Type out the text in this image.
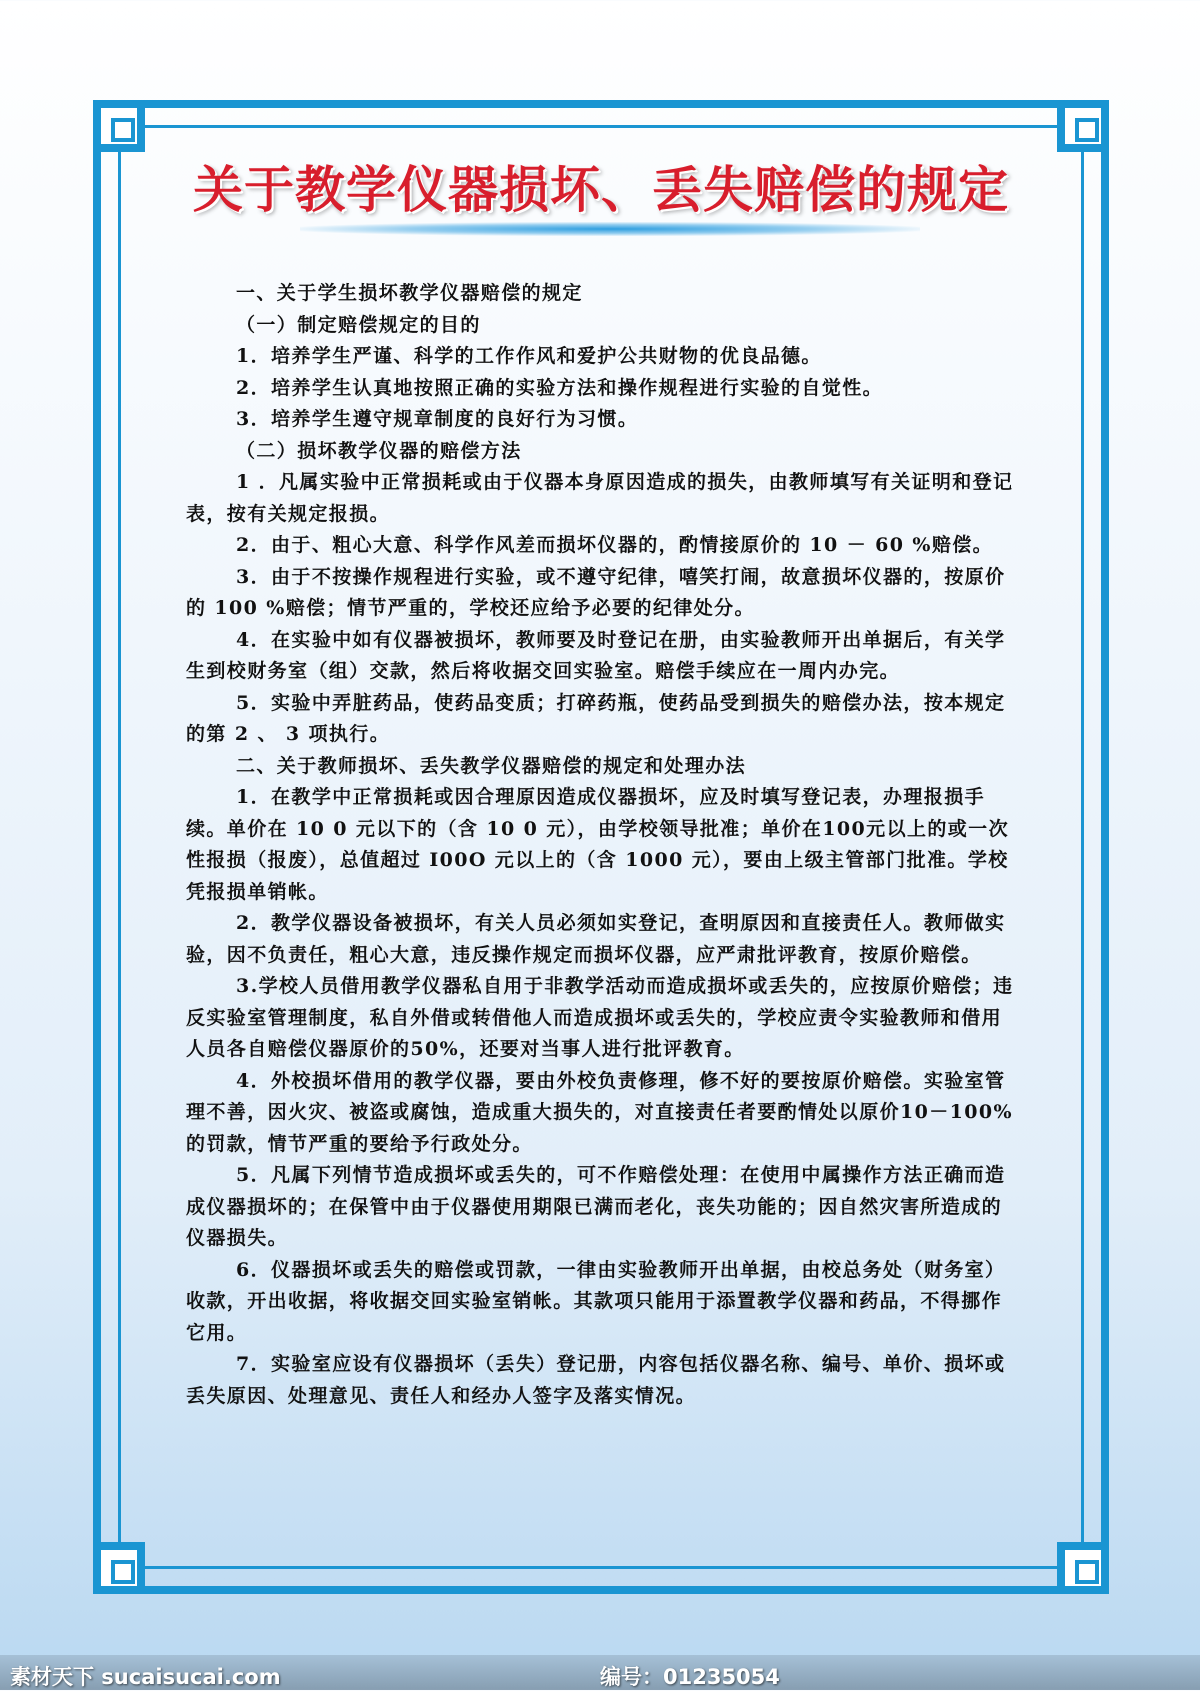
关于教学仪器损坏、丢失赔偿的规定

一、关于学生损坏教学仪器赔偿的规定

（一）制定赔偿规定的目的

1．培养学生严谨、科学的工作作风和爱护公共财物的优良品德。

2．培养学生认真地按照正确的实验方法和操作规程进行实验的自觉性。

3．培养学生遵守规章制度的良好行为习惯。

（二）损坏教学仪器的赔偿方法

1 ．凡属实验中正常损耗或由于仪器本身原因造成的损失，由教师填写有关证明和登记表，按有关规定报损。

2．由于、粗心大意、科学作风差而损坏仪器的，酌情接原价的 10 － 60 %赔偿。

3．由于不按操作规程进行实验，或不遵守纪律，嘻笑打闹，故意损坏仪器的，按原价的 100 %赔偿；情节严重的，学校还应给予必要的纪律处分。

4．在实验中如有仪器被损坏，教师要及时登记在册，由实验教师开出单据后，有关学生到校财务室（组）交款，然后将收据交回实验室。赔偿手续应在一周内办完。

5．实验中弄脏药品，使药品变质；打碎药瓶，使药品受到损失的赔偿办法，按本规定的第 2 、 3 项执行。

二、关于教师损坏、丢失教学仪器赔偿的规定和处理办法

1．在教学中正常损耗或因合理原因造成仪器损坏，应及时填写登记表，办理报损手续。单价在 10 0 元以下的（含 10 0 元），由学校领导批准；单价在100元以上的或一次性报损（报废），总值超过 I00O 元以上的（含 1000 元），要由上级主管部门批准。学校凭报损单销帐。

2．教学仪器设备被损坏，有关人员必须如实登记，查明原因和直接责任人。教师做实验，因不负责任，粗心大意，违反操作规定而损坏仪器，应严肃批评教育，按原价赔偿。

3.学校人员借用教学仪器私自用于非教学活动而造成损坏或丢失的，应按原价赔偿；违反实验室管理制度，私自外借或转借他人而造成损坏或丢失的，学校应责令实验教师和借用人员各自赔偿仪器原价的50%，还要对当事人进行批评教育。

4．外校损坏借用的教学仪器，要由外校负责修理，修不好的要按原价赔偿。实验室管理不善，因火灾、被盗或腐蚀，造成重大损失的，对直接责任者要酌情处以原价10－100%的罚款，情节严重的要给予行政处分。

5．凡属下列情节造成损坏或丢失的，可不作赔偿处理：在使用中属操作方法正确而造成仪器损坏的；在保管中由于仪器使用期限已满而老化，丧失功能的；因自然灾害所造成的仪器损失。

6．仪器损坏或丢失的赔偿或罚款，一律由实验教师开出单据，由校总务处（财务室）收款，开出收据，将收据交回实验室销帐。其款项只能用于添置教学仪器和药品，不得挪作它用。

7．实验室应设有仪器损坏（丢失）登记册，内容包括仪器名称、编号、单价、损坏或丢失原因、处理意见、责任人和经办人签字及落实情况。

素材天下 sucaisucai.com	编号：01235054
